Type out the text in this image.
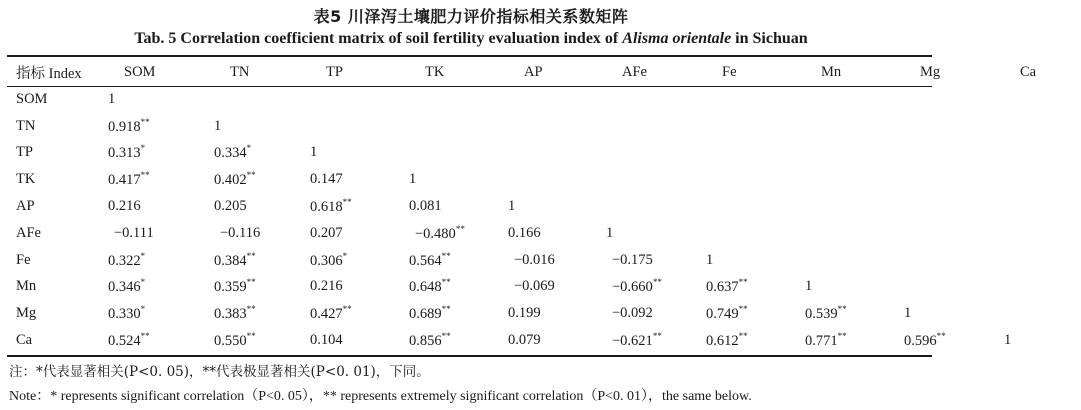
表5 川泽泻土壤肥力评价指标相关系数矩阵
Tab. 5 Correlation coefficient matrix of soil fertility evaluation index of Alisma orientale in Sichuan
指标 Index	SOM	TN	TP	TK	AP	AFe	Fe	Mn	Mg	Ca
SOM	1									
TN	0.918**	1								
TP	0.313*	0.334*	1							
TK	0.417**	0.402**	0.147	1						
AP	0.216	0.205	0.618**	0.081	1					
AFe	−0.111	−0.116	0.207	−0.480**	0.166	1				
Fe	0.322*	0.384**	0.306*	0.564**	−0.016	−0.175	1			
Mn	0.346*	0.359**	0.216	0.648**	−0.069	−0.660**	0.637**	1		
Mg	0.330*	0.383**	0.427**	0.689**	0.199	−0.092	0.749**	0.539**	1	
Ca	0.524**	0.550**	0.104	0.856**	0.079	−0.621**	0.612**	0.771**	0.596**	1
注：*代表显著相关(P<0. 05)，**代表极显著相关(P<0. 01)，下同。
Note：* represents significant correlation（P<0. 05），** represents extremely significant correlation（P<0. 01），the same below.
